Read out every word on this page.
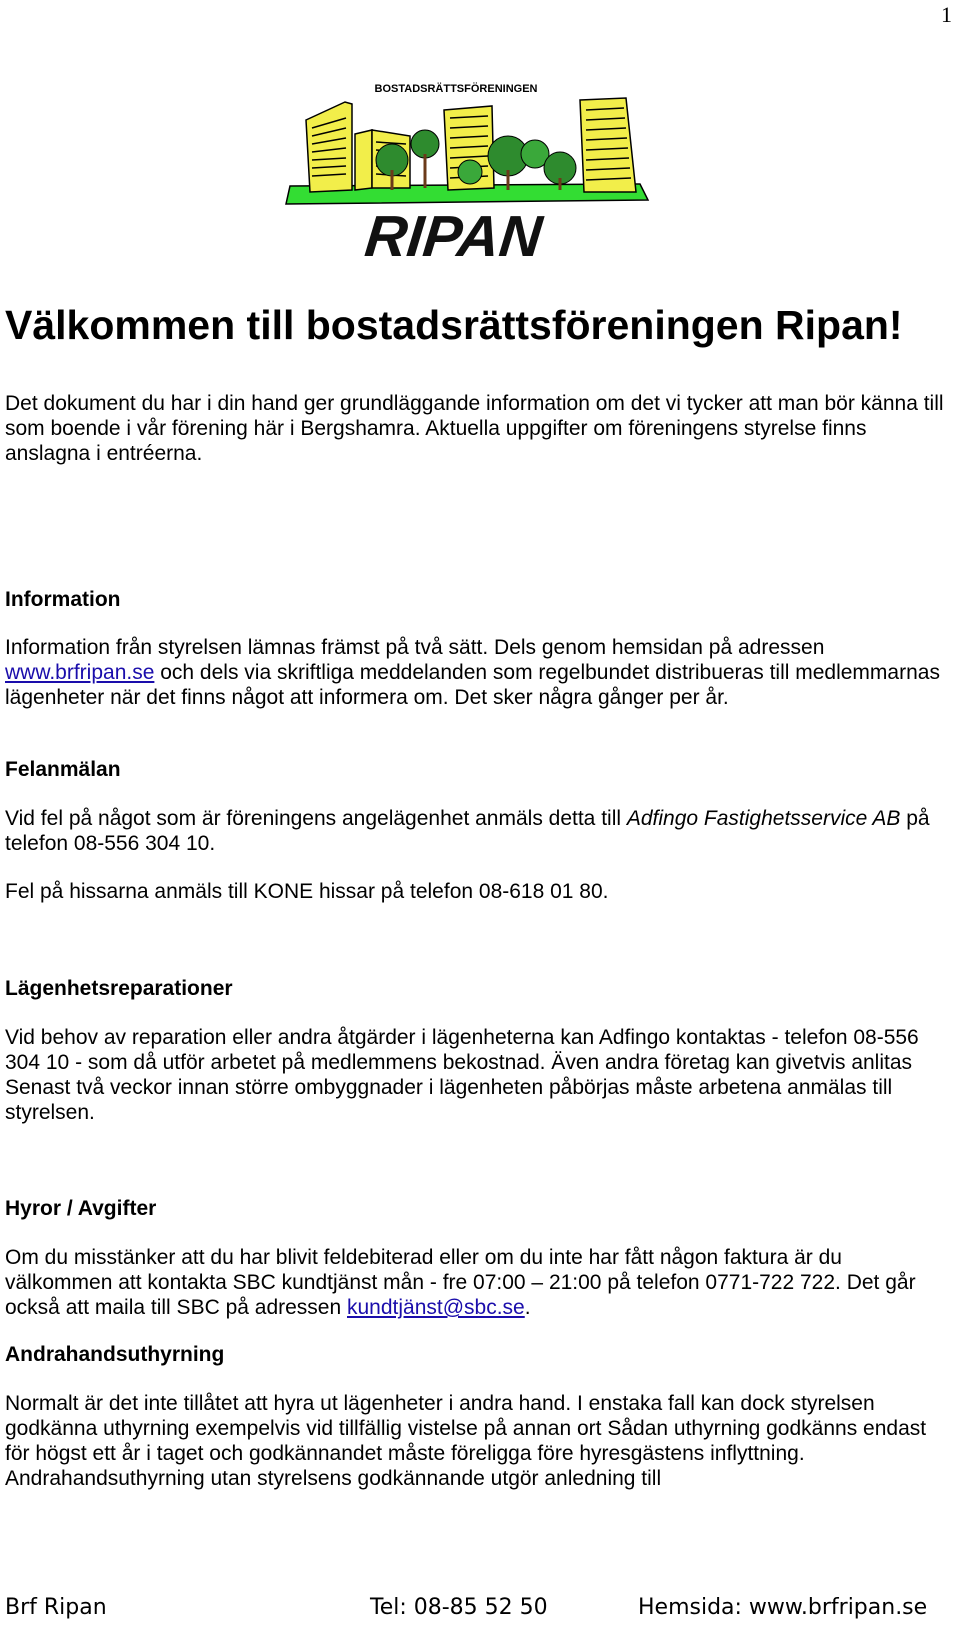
1
BOSTADSRÄTTSFÖRENINGEN
RIPAN
Välkommen till bostadsrättsföreningen Ripan!

Det dokument du har i din hand ger grundläggande information om det vi tycker att man bör känna till som boende i vår förening här i Bergshamra. Aktuella uppgifter om föreningens styrelse finns anslagna i entréerna.

Information

Information från styrelsen lämnas främst på två sätt. Dels genom hemsidan på adressen www.brfripan.se och dels via skriftliga meddelanden som regelbundet distribueras till medlemmarnas lägenheter när det finns något att informera om. Det sker några gånger per år.

Felanmälan

Vid fel på något som är föreningens angelägenhet anmäls detta till Adfingo Fastighetsservice AB på telefon 08-556 304 10.

Fel på hissarna anmäls till KONE hissar på telefon 08-618 01 80.

Lägenhetsreparationer

Vid behov av reparation eller andra åtgärder i lägenheterna kan Adfingo kontaktas - telefon 08-556 304 10 - som då utför arbetet på medlemmens bekostnad. Även andra företag kan givetvis anlitas Senast två veckor innan större ombyggnader i lägenheten påbörjas måste arbetena anmälas till styrelsen.

Hyror / Avgifter

Om du misstänker att du har blivit feldebiterad eller om du inte har fått någon faktura är du välkommen att kontakta SBC kundtjänst mån - fre 07:00 – 21:00 på telefon 0771-722 722. Det går också att maila till SBC på adressen kundtjänst@sbc.se.

Andrahandsuthyrning

Normalt är det inte tillåtet att hyra ut lägenheter i andra hand. I enstaka fall kan dock styrelsen godkänna uthyrning exempelvis vid tillfällig vistelse på annan ort Sådan uthyrning godkänns endast för högst ett år i taget och godkännandet måste föreligga före hyresgästens inflyttning. Andrahandsuthyrning utan styrelsens godkännande utgör anledning till

Brf Ripan	Tel: 08-85 52 50	Hemsida: www.brfripan.se
